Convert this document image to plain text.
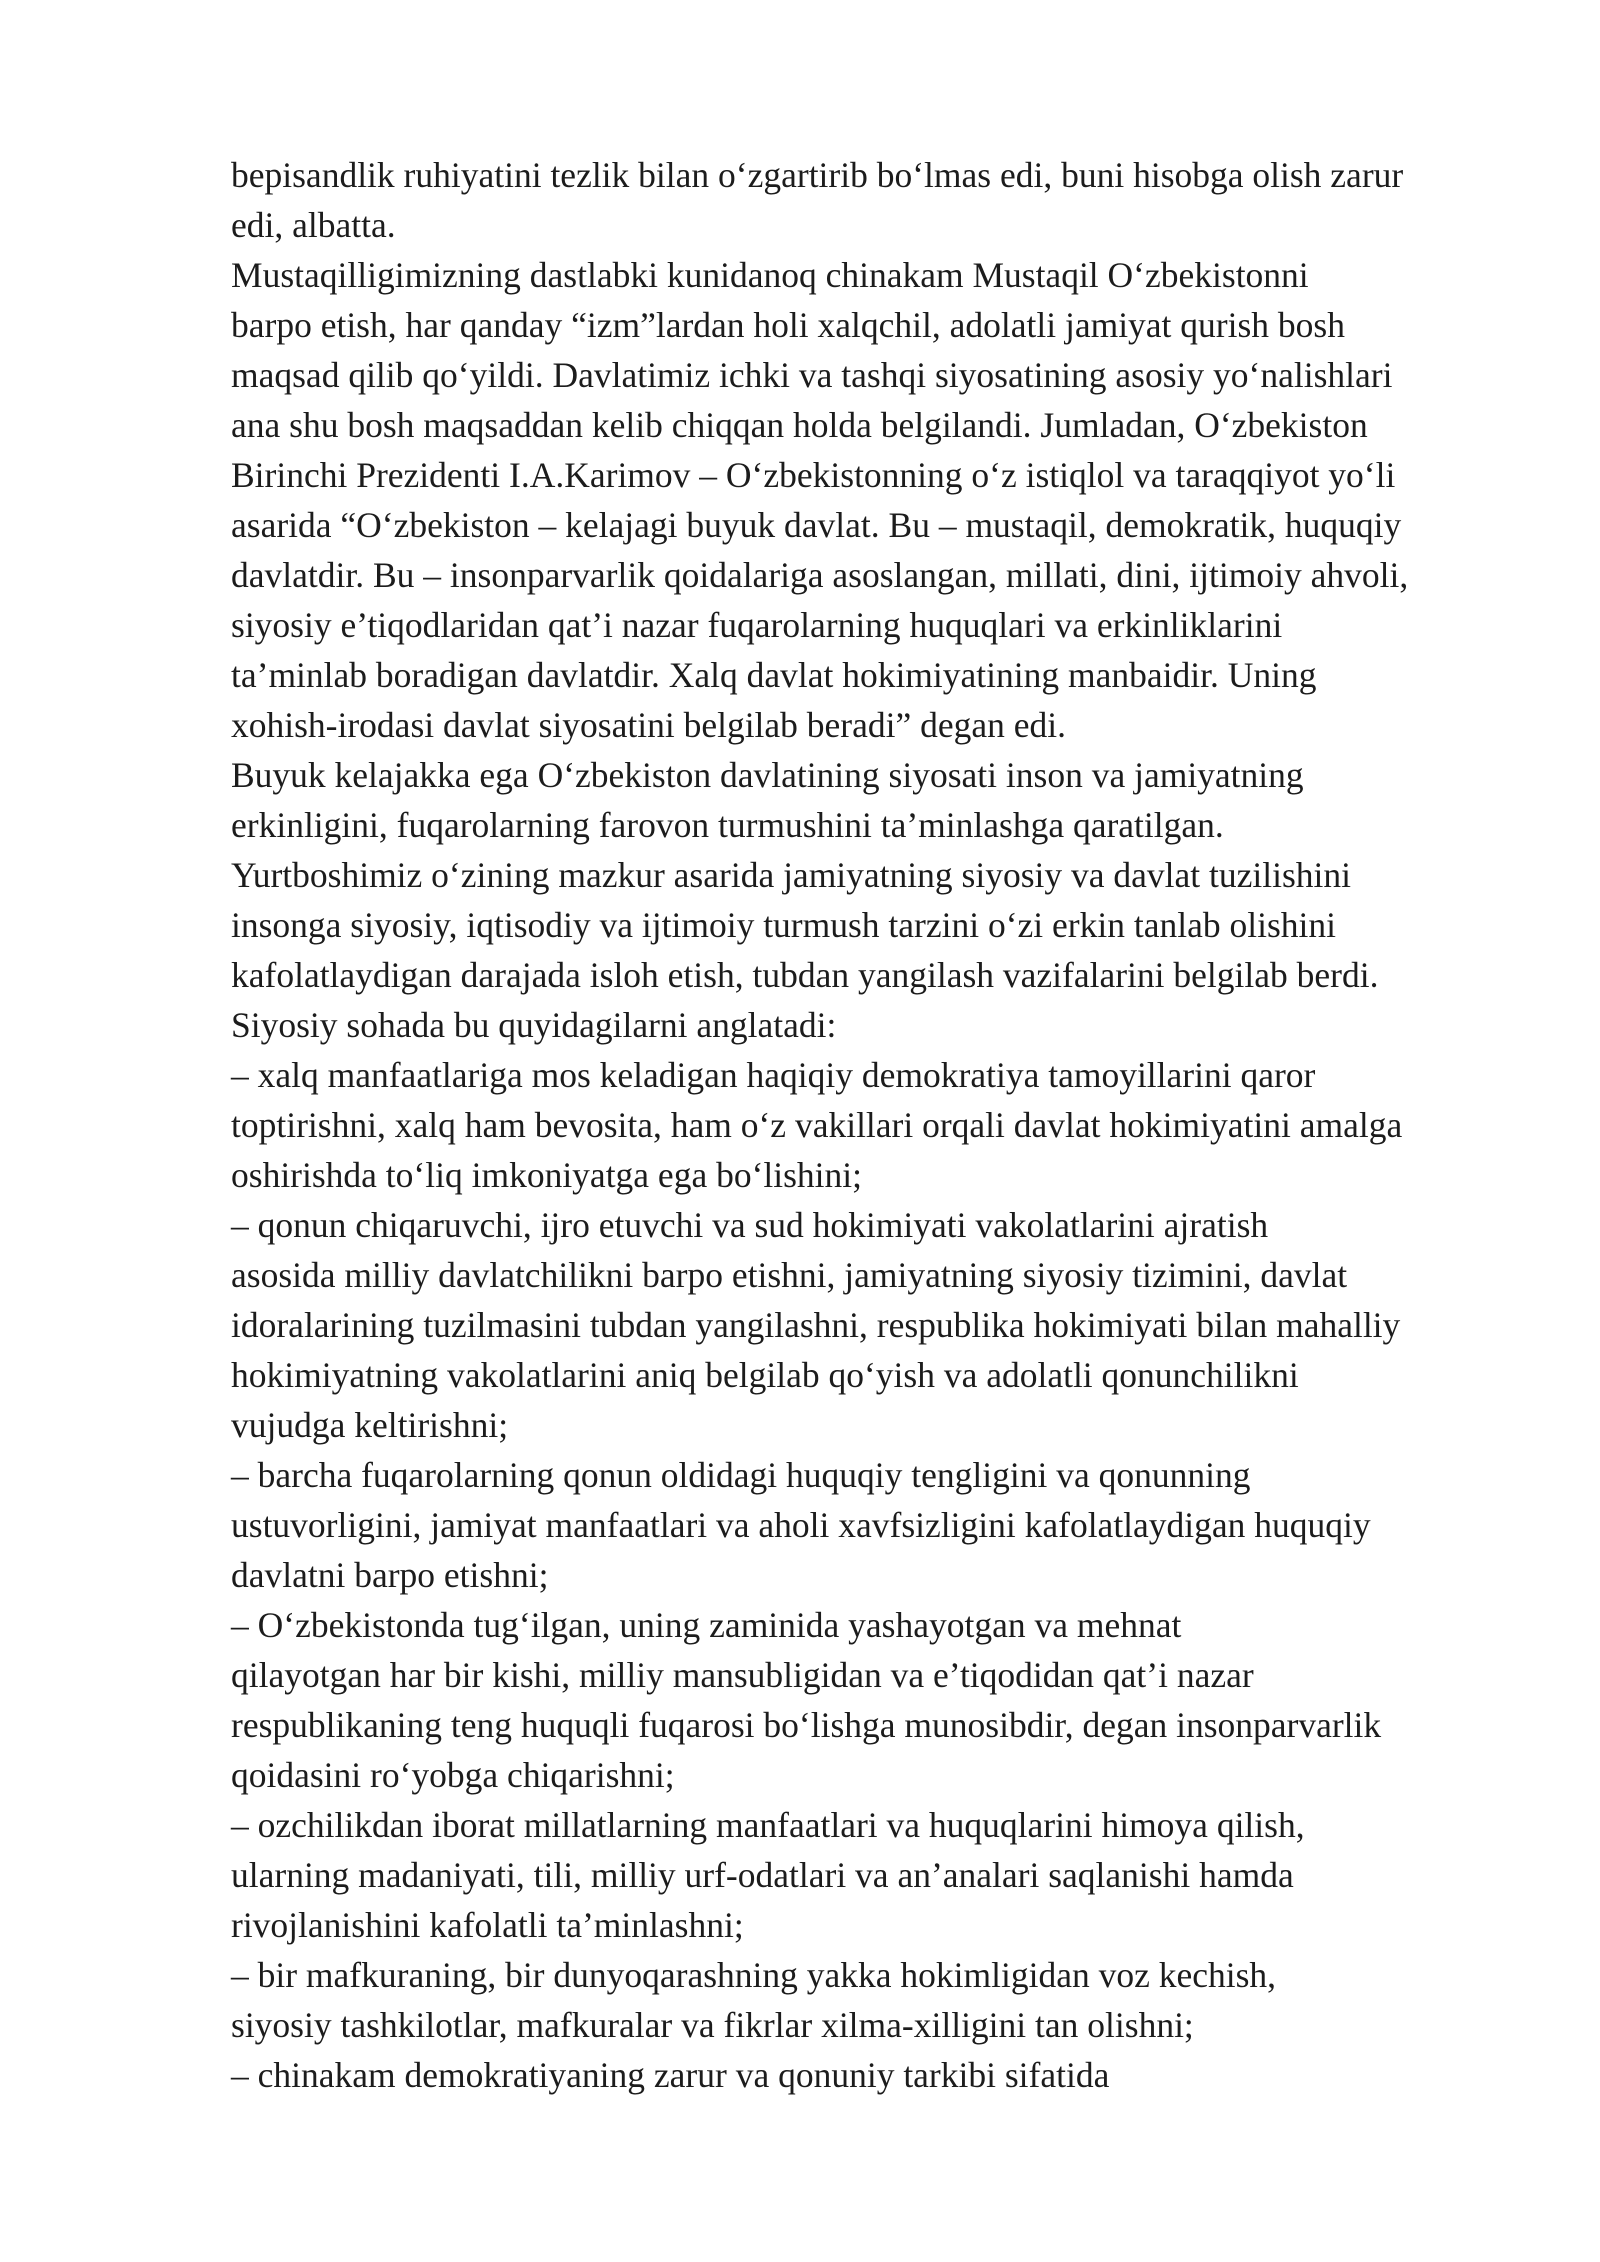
bepisandlik ruhiyatini tezlik bilan o‘zgartirib bo‘lmas edi, buni hisobga olish zarur
edi, albatta.
Mustaqilligimizning dastlabki kunidanoq chinakam Mustaqil O‘zbekistonni
barpo etish, har qanday “izm”lardan holi xalqchil, adolatli jamiyat qurish bosh
maqsad qilib qo‘yildi. Davlatimiz ichki va tashqi siyosatining asosiy yo‘nalishlari
ana shu bosh maqsaddan kelib chiqqan holda belgilandi. Jumladan, O‘zbekiston
Birinchi Prezidenti I.A.Karimov – O‘zbekistonning o‘z istiqlol va taraqqiyot yo‘li
asarida “O‘zbekiston – kelajagi buyuk davlat. Bu – mustaqil, demokratik, huquqiy
davlatdir. Bu – insonparvarlik qoidalariga asoslangan, millati, dini, ijtimoiy ahvoli,
siyosiy e’tiqodlaridan qat’i nazar fuqarolarning huquqlari va erkinliklarini
ta’minlab boradigan davlatdir. Xalq davlat hokimiyatining manbaidir. Uning
xohish-irodasi davlat siyosatini belgilab beradi” degan edi.
Buyuk kelajakka ega O‘zbekiston davlatining siyosati inson va jamiyatning
erkinligini, fuqarolarning farovon turmushini ta’minlashga qaratilgan.
Yurtboshimiz o‘zining mazkur asarida jamiyatning siyosiy va davlat tuzilishini
insonga siyosiy, iqtisodiy va ijtimoiy turmush tarzini o‘zi erkin tanlab olishini
kafolatlaydigan darajada isloh etish, tubdan yangilash vazifalarini belgilab berdi.
Siyosiy sohada bu quyidagilarni anglatadi:
– xalq manfaatlariga mos keladigan haqiqiy demokratiya tamoyillarini qaror
toptirishni, xalq ham bevosita, ham o‘z vakillari orqali davlat hokimiyatini amalga
oshirishda to‘liq imkoniyatga ega bo‘lishini;
– qonun chiqaruvchi, ijro etuvchi va sud hokimiyati vakolatlarini ajratish
asosida milliy davlatchilikni barpo etishni, jamiyatning siyosiy tizimini, davlat
idoralarining tuzilmasini tubdan yangilashni, respublika hokimiyati bilan mahalliy
hokimiyatning vakolatlarini aniq belgilab qo‘yish va adolatli qonunchilikni
vujudga keltirishni;
– barcha fuqarolarning qonun oldidagi huquqiy tengligini va qonunning
ustuvorligini, jamiyat manfaatlari va aholi xavfsizligini kafolatlaydigan huquqiy
davlatni barpo etishni;
– O‘zbekistonda tug‘ilgan, uning zaminida yashayotgan va mehnat
qilayotgan har bir kishi, milliy mansubligidan va e’tiqodidan qat’i nazar
respublikaning teng huquqli fuqarosi bo‘lishga munosibdir, degan insonparvarlik
qoidasini ro‘yobga chiqarishni;
– ozchilikdan iborat millatlarning manfaatlari va huquqlarini himoya qilish,
ularning madaniyati, tili, milliy urf-odatlari va an’analari saqlanishi hamda
rivojlanishini kafolatli ta’minlashni;
– bir mafkuraning, bir dunyoqarashning yakka hokimligidan voz kechish,
siyosiy tashkilotlar, mafkuralar va fikrlar xilma-xilligini tan olishni;
– chinakam demokratiyaning zarur va qonuniy tarkibi sifatida
